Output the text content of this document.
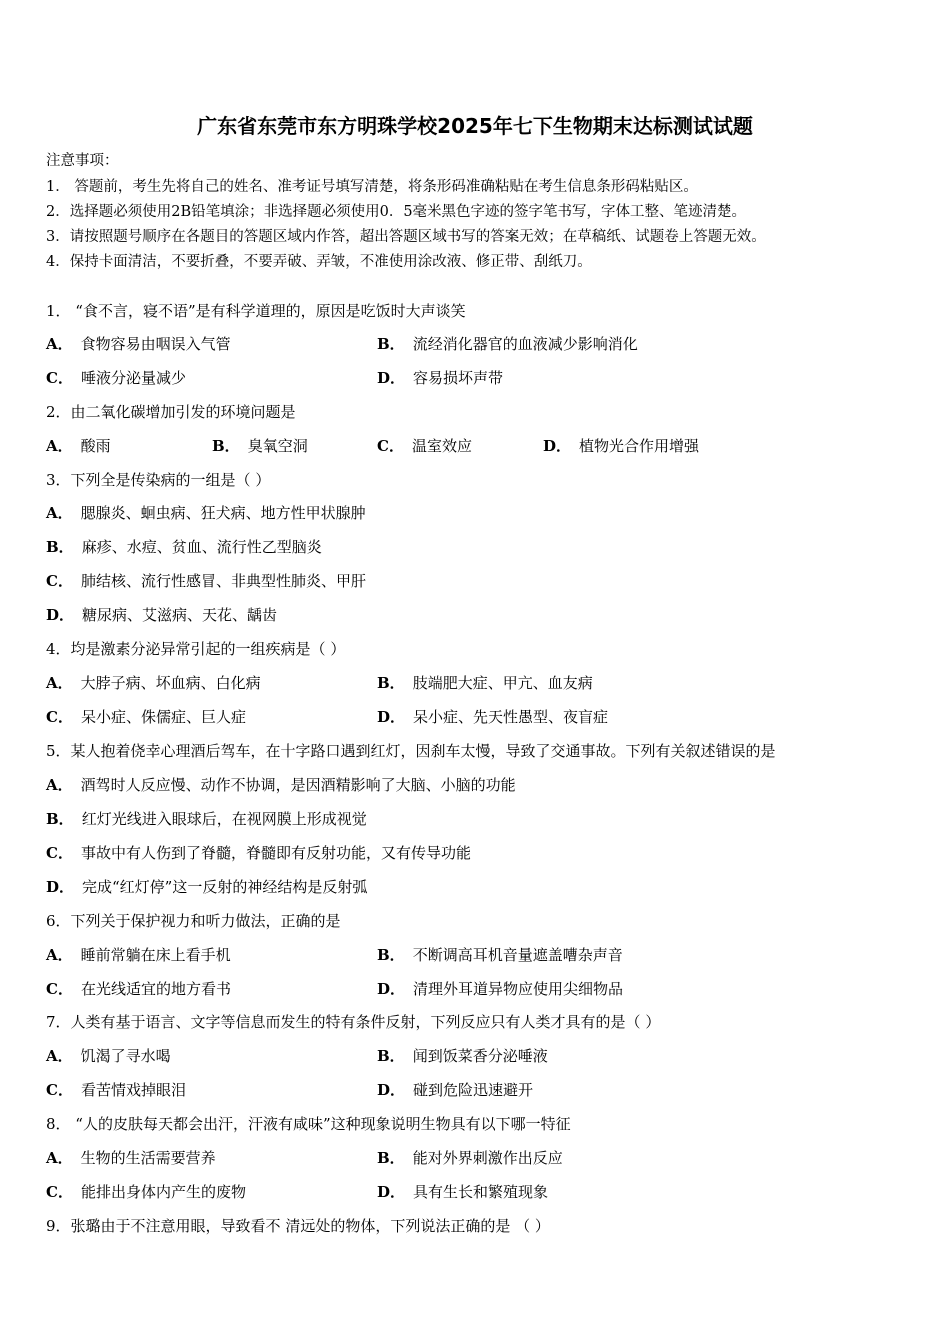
广东省东莞市东方明珠学校2025年七下生物期末达标测试试题
注意事项：
1． 答题前，考生先将自己的姓名、准考证号填写清楚，将条形码准确粘贴在考生信息条形码粘贴区。
2．选择题必须使用2B铅笔填涂；非选择题必须使用0．5毫米黑色字迹的签字笔书写，字体工整、笔迹清楚。
3．请按照题号顺序在各题目的答题区域内作答，超出答题区域书写的答案无效；在草稿纸、试题卷上答题无效。
4．保持卡面清洁，不要折叠，不要弄破、弄皱，不准使用涂改液、修正带、刮纸刀。
1． “食不言，寝不语”是有科学道理的，原因是吃饭时大声谈笑
A． 食物容易由咽误入气管	B． 流经消化器官的血液减少影响消化
C． 唾液分泌量减少	D． 容易损坏声带
2．由二氧化碳增加引发的环境问题是
A． 酸雨	B． 臭氧空洞	C． 温室效应	D． 植物光合作用增强
3．下列全是传染病的一组是（ ）
A． 腮腺炎、蛔虫病、狂犬病、地方性甲状腺肿
B． 麻疹、水痘、贫血、流行性乙型脑炎
C． 肺结核、流行性感冒、非典型性肺炎、甲肝
D． 糖尿病、艾滋病、天花、龋齿
4．均是激素分泌异常引起的一组疾病是（ ）
A． 大脖子病、坏血病、白化病	B． 肢端肥大症、甲亢、血友病
C． 呆小症、侏儒症、巨人症	D． 呆小症、先天性愚型、夜盲症
5．某人抱着侥幸心理酒后驾车，在十字路口遇到红灯，因刹车太慢，导致了交通事故。下列有关叙述错误的是
A． 酒驾时人反应慢、动作不协调，是因酒精影响了大脑、小脑的功能
B． 红灯光线进入眼球后，在视网膜上形成视觉
C． 事故中有人伤到了脊髓，脊髓即有反射功能，又有传导功能
D． 完成“红灯停”这一反射的神经结构是反射弧
6．下列关于保护视力和听力做法，正确的是
A． 睡前常躺在床上看手机	B． 不断调高耳机音量遮盖嘈杂声音
C． 在光线适宜的地方看书	D． 清理外耳道异物应使用尖细物品
7．人类有基于语言、文字等信息而发生的特有条件反射，下列反应只有人类才具有的是（ ）
A． 饥渴了寻水喝	B． 闻到饭菜香分泌唾液
C． 看苦情戏掉眼泪	D． 碰到危险迅速避开
8． “人的皮肤每天都会出汗，汗液有咸味”这种现象说明生物具有以下哪一特征
A． 生物的生活需要营养	B． 能对外界刺激作出反应
C． 能排出身体内产生的废物	D． 具有生长和繁殖现象
9．张璐由于不注意用眼，导致看不 清远处的物体，下列说法正确的是 （ ）
